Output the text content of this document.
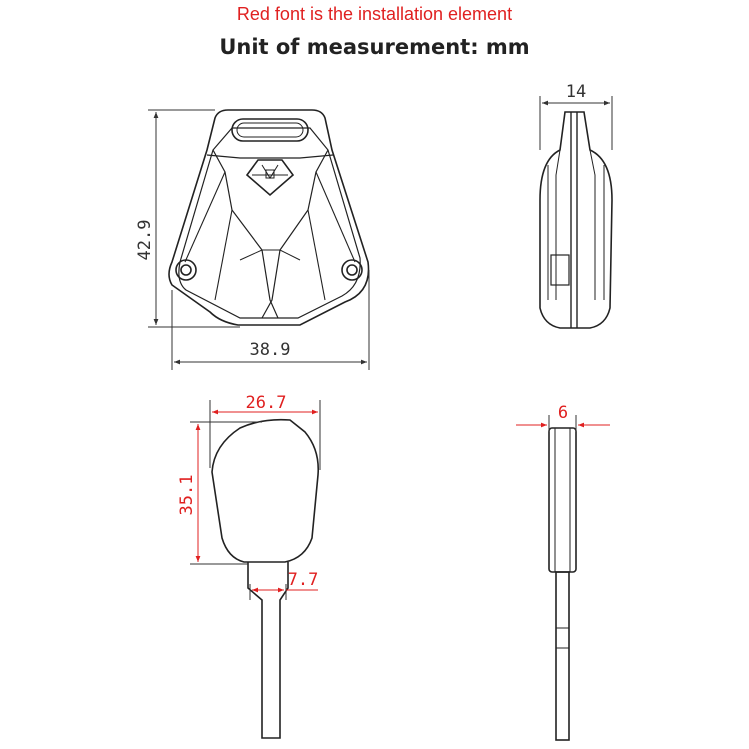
Red font is the installation element
Unit of measurement: mm
42.9
38.9
14
26.7
35.1
7.7
6
